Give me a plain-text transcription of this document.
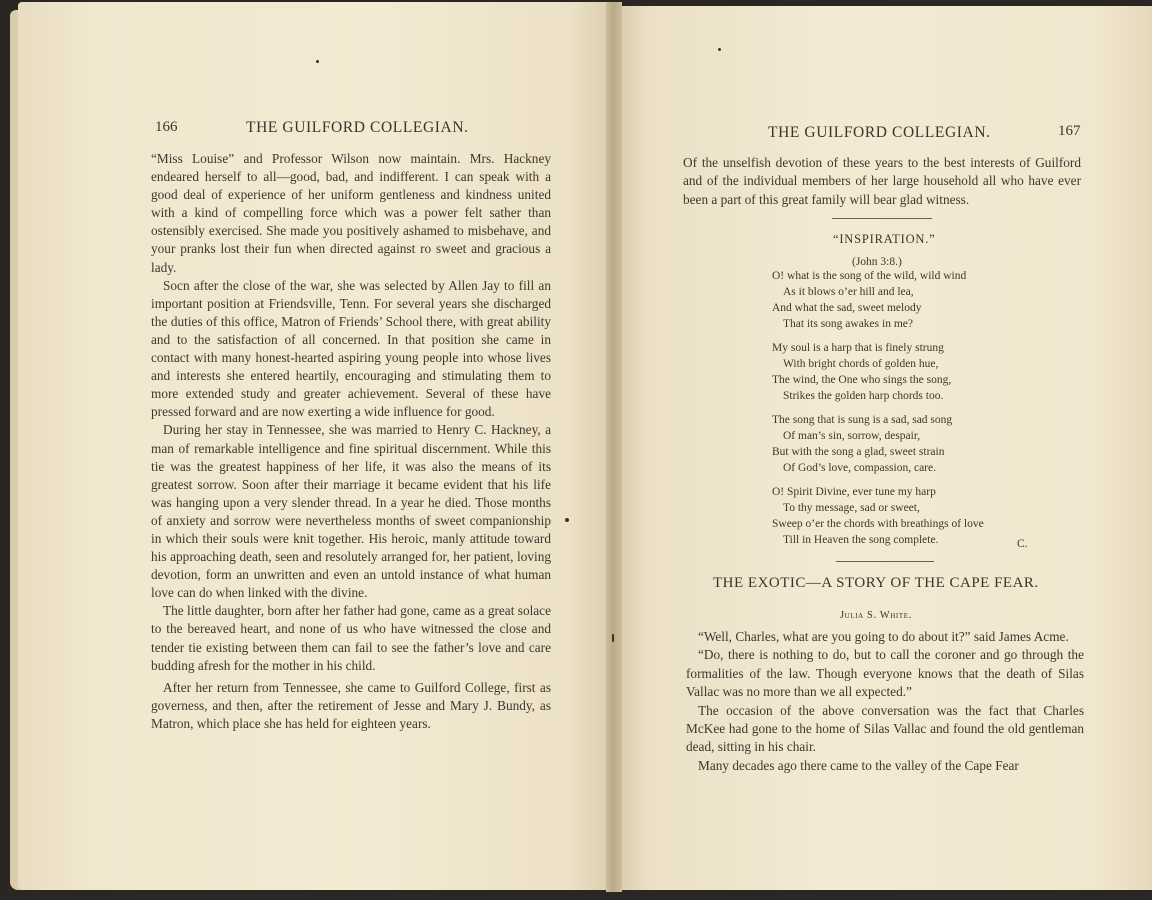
166	THE GUILFORD COLLEGIAN.

“Miss Louise” and Professor Wilson now maintain. Mrs. Hackney endeared herself to all—good, bad, and indifferent. I can speak with a good deal of experience of her uniform gentleness and kindness united with a kind of compelling force which was a power felt sather than ostensibly exercised. She made you positively ashamed to misbehave, and your pranks lost their fun when directed against ro sweet and gracious a lady.

Socn after the close of the war, she was selected by Allen Jay to fill an important position at Friendsville, Tenn. For several years she discharged the duties of this office, Matron of Friends’ School there, with great ability and to the satisfaction of all concerned. In that position she came in contact with many honest-hearted aspiring young people into whose lives and interests she entered heartily, encouraging and stimulating them to more extended study and greater achievement. Several of these have pressed forward and are now exerting a wide influence for good.

During her stay in Tennessee, she was married to Henry C. Hackney, a man of remarkable intelligence and fine spiritual discernment. While this tie was the greatest happiness of her life, it was also the means of its greatest sorrow. Soon after their marriage it became evident that his life was hanging upon a very slender thread. In a year he died. Those months of anxiety and sorrow were nevertheless months of sweet companionship in which their souls were knit together. His heroic, manly attitude toward his approaching death, seen and resolutely arranged for, her patient, loving devotion, form an unwritten and even an untold instance of what human love can do when linked with the divine.

The little daughter, born after her father had gone, came as a great solace to the bereaved heart, and none of us who have witnessed the close and tender tie existing between them can fail to see the father’s love and care budding afresh for the mother in his child.

After her return from Tennessee, she came to Guilford College, first as governess, and then, after the retirement of Jesse and Mary J. Bundy, as Matron, which place she has held for eighteen years.

THE GUILFORD COLLEGIAN.	167

Of the unselfish devotion of these years to the best interests of Guilford and of the individual members of her large household all who have ever been a part of this great family will bear glad witness.

“INSPIRATION.”
(John 3:8.)
O! what is the song of the wild, wild wind
As it blows o’er hill and lea,
And what the sad, sweet melody
That its song awakes in me?
My soul is a harp that is finely strung
With bright chords of golden hue,
The wind, the One who sings the song,
Strikes the golden harp chords too.
The song that is sung is a sad, sad song
Of man’s sin, sorrow, despair,
But with the song a glad, sweet strain
Of God’s love, compassion, care.
O! Spirit Divine, ever tune my harp
To thy message, sad or sweet,
Sweep o’er the chords with breathings of love
Till in Heaven the song complete.	C.
THE EXOTIC—A STORY OF THE CAPE FEAR.
Julia S. White.

“Well, Charles, what are you going to do about it?” said James Acme.

“Do, there is nothing to do, but to call the coroner and go through the formalities of the law. Though everyone knows that the death of Silas Vallac was no more than we all expected.”

The occasion of the above conversation was the fact that Charles McKee had gone to the home of Silas Vallac and found the old gentleman dead, sitting in his chair.

Many decades ago there came to the valley of the Cape Fear
